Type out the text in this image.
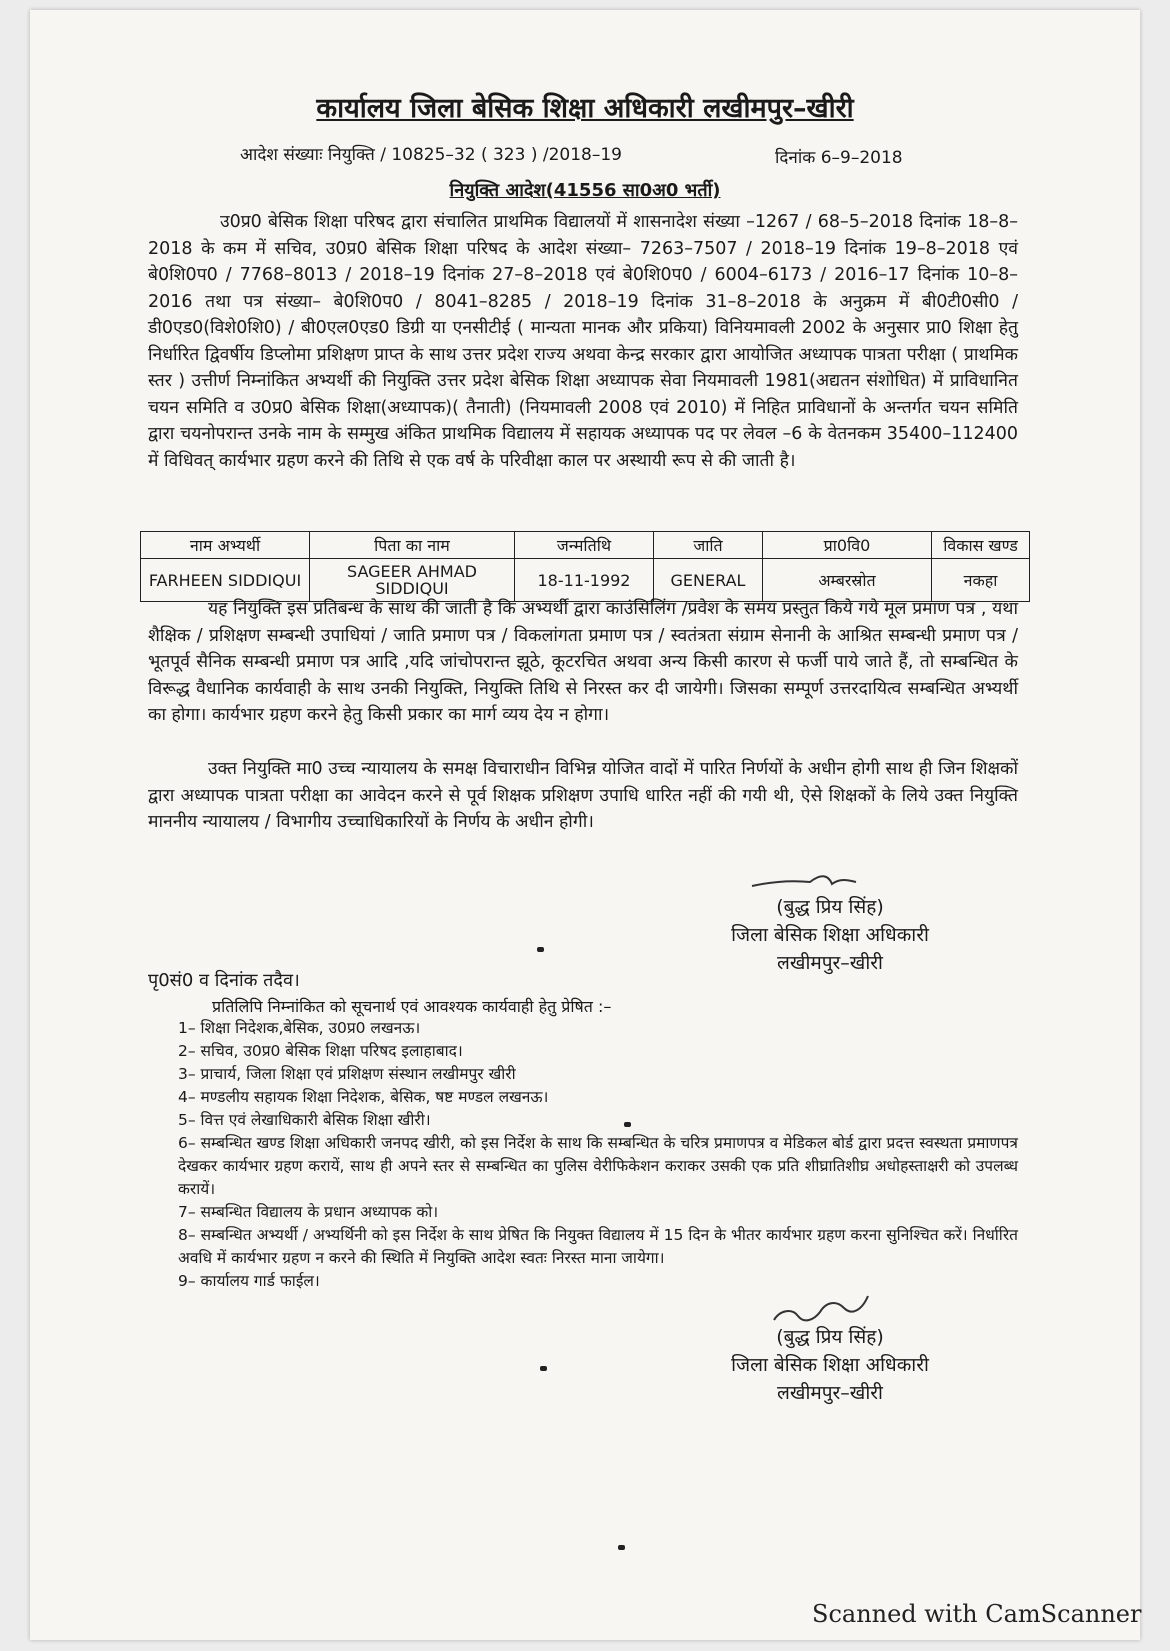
कार्यालय जिला बेसिक शिक्षा अधिकारी लखीमपुर–खीरी
आदेश संख्याः नियुक्ति / 10825–32 ( 323 ) /2018–19	दिनांक 6–9–2018
नियुक्ति आदेश(41556 सा0अ0 भर्ती)
उ0प्र0 बेसिक शिक्षा परिषद द्वारा संचालित प्राथमिक विद्यालयों में शासनादेश संख्या –1267 / 68–5–2018 दिनांक 18–8–2018 के कम में सचिव, उ0प्र0 बेसिक शिक्षा परिषद के आदेश संख्या– 7263–7507 / 2018–19 दिनांक 19–8–2018 एवं बे0शि0प0 / 7768–8013 / 2018–19 दिनांक 27–8–2018 एवं बे0शि0प0 / 6004–6173 / 2016–17 दिनांक 10–8–2016 तथा पत्र संख्या– बे0शि0प0 / 8041–8285 / 2018–19 दिनांक 31–8–2018 के अनुक्रम में बी0टी0सी0 / डी0एड0(विशे0शि0) / बी0एल0एड0 डिग्री या एनसीटीई ( मान्यता मानक और प्रकिया) विनियमावली 2002 के अनुसार प्रा0 शिक्षा हेतु निर्धारित द्विवर्षीय डिप्लोमा प्रशिक्षण प्राप्त के साथ उत्तर प्रदेश राज्य अथवा केन्द्र सरकार द्वारा आयोजित अध्यापक पात्रता परीक्षा ( प्राथमिक स्तर ) उत्तीर्ण निम्नांकित अभ्यर्थी की नियुक्ति उत्तर प्रदेश बेसिक शिक्षा अध्यापक सेवा नियमावली 1981(अद्यतन संशोधित) में प्राविधानित चयन समिति व उ0प्र0 बेसिक शिक्षा(अध्यापक)( तैनाती) (नियमावली 2008 एवं 2010) में निहित प्राविधानों के अन्तर्गत चयन समिति द्वारा चयनोपरान्त उनके नाम के सम्मुख अंकित प्राथमिक विद्यालय में सहायक अध्यापक पद पर लेवल –6 के वेतनकम 35400–112400 में विधिवत् कार्यभार ग्रहण करने की तिथि से एक वर्ष के परिवीक्षा काल पर अस्थायी रूप से की जाती है।
नाम अभ्यर्थी	पिता का नाम	जन्मतिथि	जाति	प्रा0वि0	विकास खण्ड
FARHEEN SIDDIQUI	SAGEER AHMAD SIDDIQUI	18-11-1992	GENERAL	अम्बरस्रोत	नकहा
यह नियुक्ति इस प्रतिबन्ध के साथ की जाती है कि अभ्यर्थी द्वारा काउंसिलिंग /प्रवेश के समय प्रस्तुत किये गये मूल प्रमाण पत्र , यथा शैक्षिक / प्रशिक्षण सम्बन्धी उपाधियां / जाति प्रमाण पत्र / विकलांगता प्रमाण पत्र / स्वतंत्रता संग्राम सेनानी के आश्रित सम्बन्धी प्रमाण पत्र / भूतपूर्व सैनिक सम्बन्धी प्रमाण पत्र आदि ,यदि जांचोपरान्त झूठे, कूटरचित अथवा अन्य किसी कारण से फर्जी पाये जाते हैं, तो सम्बन्धित के विरूद्ध वैधानिक कार्यवाही के साथ उनकी नियुक्ति, नियुक्ति तिथि से निरस्त कर दी जायेगी। जिसका सम्पूर्ण उत्तरदायित्व सम्बन्धित अभ्यर्थी का होगा। कार्यभार ग्रहण करने हेतु किसी प्रकार का मार्ग व्यय देय न होगा।
उक्त नियुक्ति मा0 उच्च न्यायालय के समक्ष विचाराधीन विभिन्न योजित वादों में पारित निर्णयों के अधीन होगी साथ ही जिन शिक्षकों द्वारा अध्यापक पात्रता परीक्षा का आवेदन करने से पूर्व शिक्षक प्रशिक्षण उपाधि धारित नहीं की गयी थी, ऐसे शिक्षकों के लिये उक्त नियुक्ति माननीय न्यायालय / विभागीय उच्चाधिकारियों के निर्णय के अधीन होगी।
(बुद्ध प्रिय सिंह)
जिला बेसिक शिक्षा अधिकारी
लखीमपुर–खीरी
पृ0सं0 व दिनांक तदैव।
प्रतिलिपि निम्नांकित को सूचनार्थ एवं आवश्यक कार्यवाही हेतु प्रेषित :–
1– शिक्षा निदेशक,बेसिक, उ0प्र0 लखनऊ।
2– सचिव, उ0प्र0 बेसिक शिक्षा परिषद इलाहाबाद।
3– प्राचार्य, जिला शिक्षा एवं प्रशिक्षण संस्थान लखीमपुर खीरी
4– मण्डलीय सहायक शिक्षा निदेशक, बेसिक, षष्ट मण्डल लखनऊ।
5– वित्त एवं लेखाधिकारी बेसिक शिक्षा खीरी।
6– सम्बन्धित खण्ड शिक्षा अधिकारी जनपद खीरी, को इस निर्देश के साथ कि सम्बन्धित के चरित्र प्रमाणपत्र व मेडिकल बोर्ड द्वारा प्रदत्त स्वस्थता प्रमाणपत्र देखकर कार्यभार ग्रहण करायें, साथ ही अपने स्तर से सम्बन्धित का पुलिस वेरीफिकेशन कराकर उसकी एक प्रति शीघ्रातिशीघ्र अधोहस्ताक्षरी को उपलब्ध करायें।
7– सम्बन्धित विद्यालय के प्रधान अध्यापक को।
8– सम्बन्धित अभ्यर्थी / अभ्यर्थिनी को इस निर्देश के साथ प्रेषित कि नियुक्त विद्यालय में 15 दिन के भीतर कार्यभार ग्रहण करना सुनिश्चित करें। निर्धारित अवधि में कार्यभार ग्रहण न करने की स्थिति में नियुक्ति आदेश स्वतः निरस्त माना जायेगा।
9– कार्यालय गार्ड फाईल।
(बुद्ध प्रिय सिंह)
जिला बेसिक शिक्षा अधिकारी
लखीमपुर–खीरी
Scanned with CamScanner
